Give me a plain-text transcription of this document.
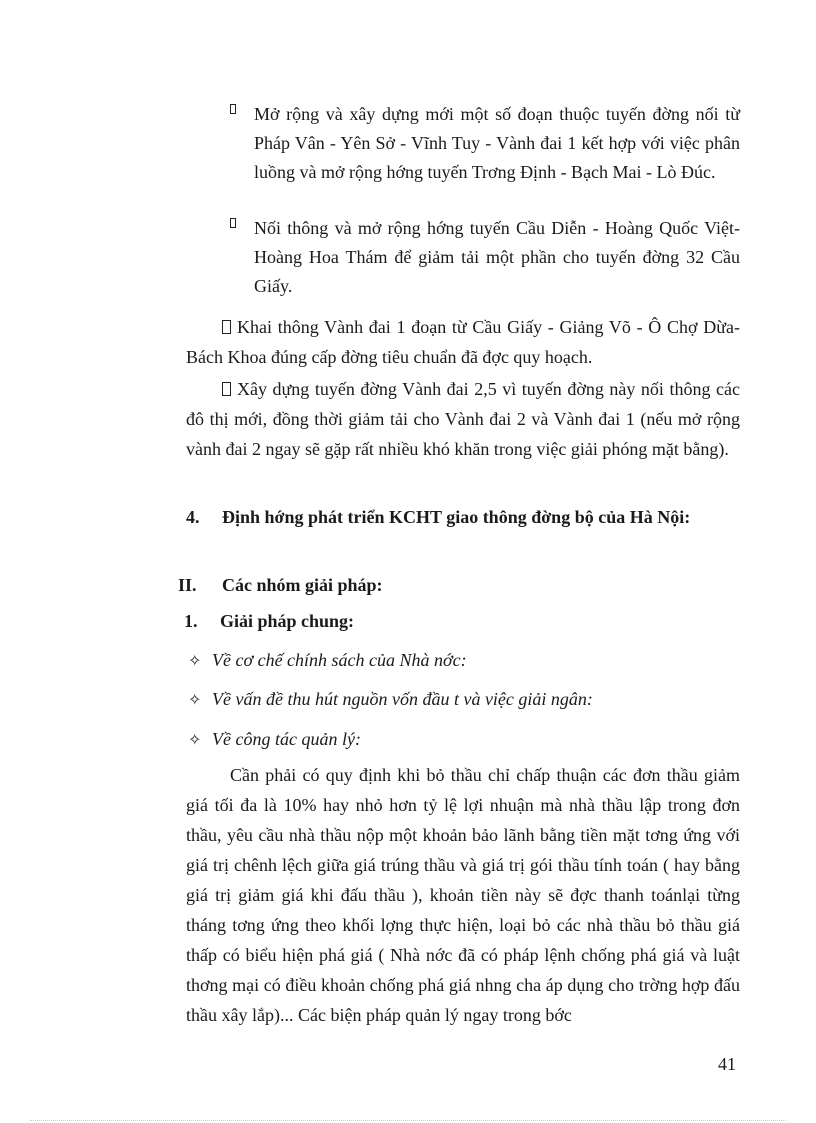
Mở rộng và xây dựng mới một số đoạn thuộc tuyến đờng nối từ Pháp Vân - Yên Sở - Vĩnh Tuy - Vành đai 1 kết hợp với việc phân luồng và mở rộng hớng tuyến Trơng Định - Bạch Mai - Lò Đúc.
Nối thông và mở rộng hớng tuyến Cầu Diễn - Hoàng Quốc Việt- Hoàng Hoa Thám để giảm tải một phần cho tuyến đờng 32 Cầu Giấy.
Khai thông Vành đai 1 đoạn từ Cầu Giấy - Giảng Võ - Ô Chợ Dừa- Bách Khoa đúng cấp đờng tiêu chuẩn đã đợc quy hoạch.
Xây dựng tuyến đờng Vành đai 2,5 vì tuyến đờng này nối thông các đô thị mới, đồng thời giảm tải cho Vành đai 2 và Vành đai 1 (nếu mở rộng vành đai 2 ngay sẽ gặp rất nhiều khó khăn trong việc giải phóng mặt bằng).
4. Định hớng phát triển KCHT giao thông đờng bộ của Hà Nội:
II. Các nhóm giải pháp:
1. Giải pháp chung:
✧ Về cơ chế chính sách của Nhà nớc:
✧ Về vấn đề thu hút nguồn vốn đầu t và việc giải ngân:
✧ Về công tác quản lý:
Cần phải có quy định khi bỏ thầu chỉ chấp thuận các đơn thầu giảm giá tối đa là 10% hay nhỏ hơn tỷ lệ lợi nhuận mà nhà thầu lập trong đơn thầu, yêu cầu nhà thầu nộp một khoản bảo lãnh bằng tiền mặt tơng ứng với giá trị chênh lệch giữa giá trúng thầu và giá trị gói thầu tính toán ( hay bằng giá trị giảm giá khi đấu thầu ), khoản tiền này sẽ đợc thanh toánlại từng tháng tơng ứng theo khối lợng thực hiện, loại bỏ các nhà thầu bỏ thầu giá thấp có biểu hiện phá giá ( Nhà nớc đã có pháp lệnh chống phá giá và luật thơng mại có điều khoản chống phá giá nhng cha áp dụng cho trờng hợp đấu thầu xây lắp)... Các biện pháp quản lý ngay trong bớc
41
